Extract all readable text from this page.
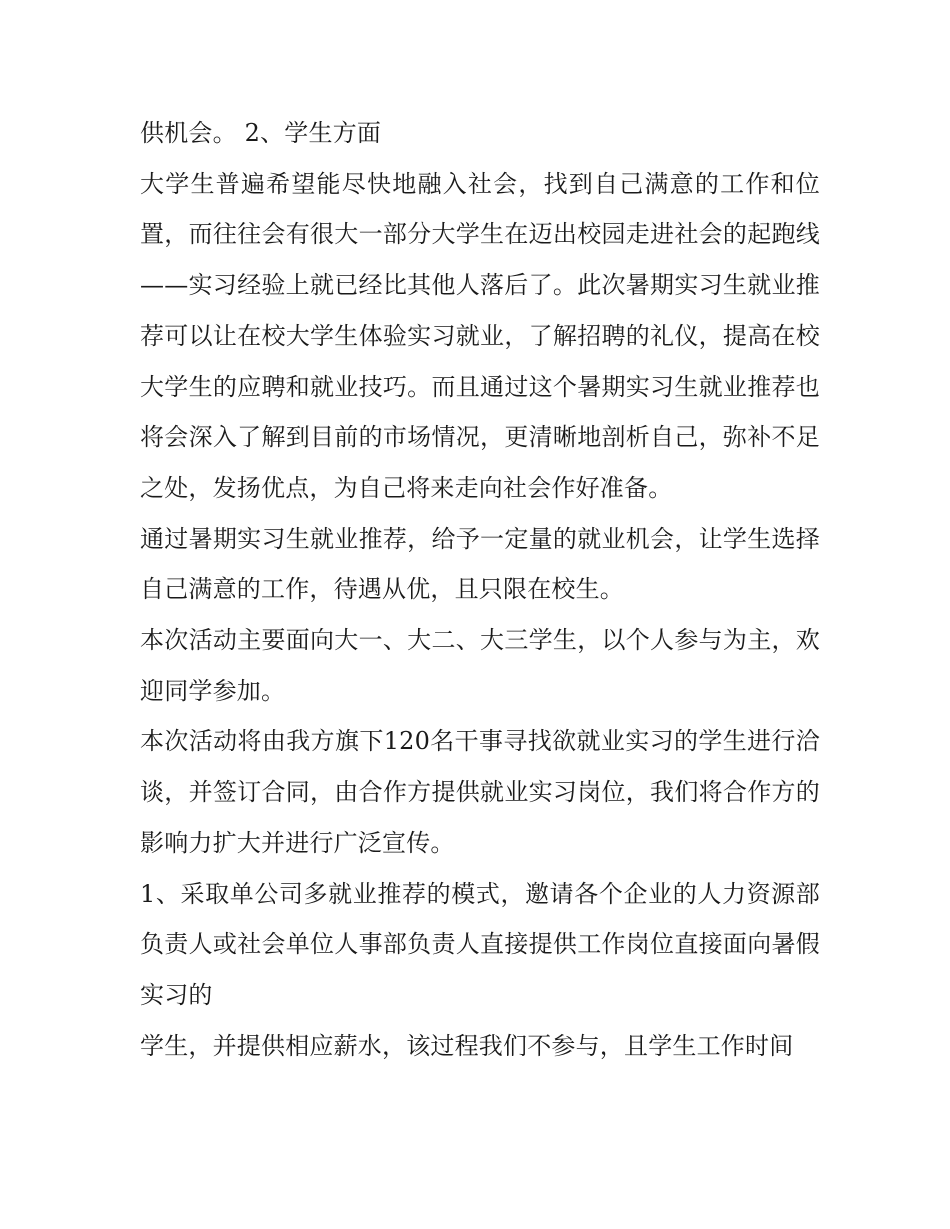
供机会。 2、学生方面

大学生普遍希望能尽快地融入社会，找到自己满意的工作和位置，而往往会有很大一部分大学生在迈出校园走进社会的起跑线——实习经验上就已经比其他人落后了。此次暑期实习生就业推荐可以让在校大学生体验实习就业，了解招聘的礼仪，提高在校大学生的应聘和就业技巧。而且通过这个暑期实习生就业推荐也将会深入了解到目前的市场情况，更清晰地剖析自己，弥补不足之处，发扬优点，为自己将来走向社会作好准备。

通过暑期实习生就业推荐，给予一定量的就业机会，让学生选择自己满意的工作，待遇从优，且只限在校生。

本次活动主要面向大一、大二、大三学生，以个人参与为主，欢迎同学参加。

本次活动将由我方旗下120名干事寻找欲就业实习的学生进行洽谈，并签订合同，由合作方提供就业实习岗位，我们将合作方的影响力扩大并进行广泛宣传。

1、采取单公司多就业推荐的模式，邀请各个企业的人力资源部负责人或社会单位人事部负责人直接提供工作岗位直接面向暑假实习的

学生，并提供相应薪水，该过程我们不参与，且学生工作时间
